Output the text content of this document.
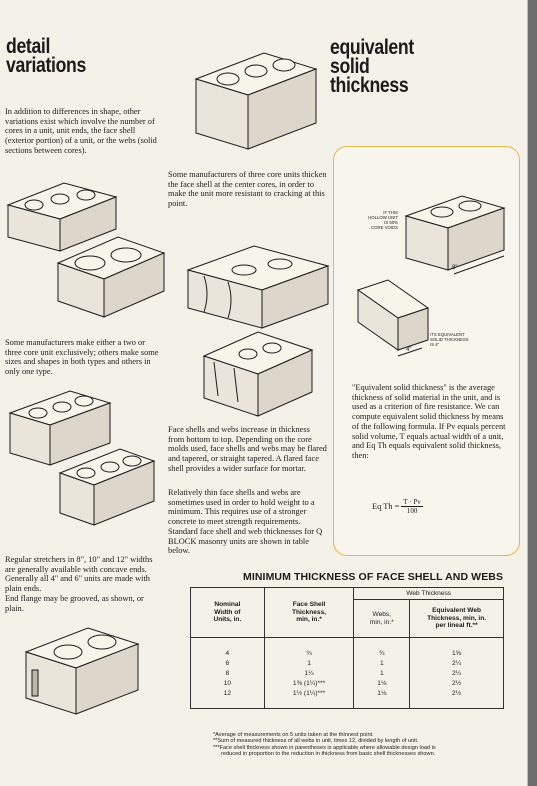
detail
variations
equivalent
solid
thickness
In addition to differences in shape, other variations exist which involve the number of cores in a unit, unit ends, the face shell (exterior portion) of a unit, or the webs (solid sections between cores).
Some manufacturers make either a two or three core unit exclusively; others make some sizes and shapes in both types and others in only one type.
Regular stretchers in 8", 10" and 12" widths are generally available with concave ends. Generally all 4" and 6" units are made with plain ends.
End flange may be grooved, as shown, or plain.
Some manufacturers of three core units thicken the face shell at the center cores, in order to make the unit more resistant to cracking at this point.
Face shells and webs increase in thickness from bottom to top. Depending on the core molds used, face shells and webs may be flared and tapered, or straight tapered. A flared face shell provides a wider surface for mortar.
Relatively thin face shells and webs are sometimes used in order to hold weight to a minimum. This requires use of a stronger concrete to meet strength requirements. Standard face shell and web thicknesses for Q BLOCK masonry units are shown in table below.
IF THIS
HOLLOW UNIT
IS 50%
CORE VOIDS
8"
4"
ITS EQUIVALENT
SOLID THICKNESS
IS 4"
"Equivalent solid thickness" is the average thickness of solid material in the unit, and is used as a criterion of fire resistance. We can compute equivalent solid thickness by means of the following formula. If Pv equals percent solid volume, T equals actual width of a unit, and Eq Th equals equivalent solid thickness, then:
Eq $Th = \frac{T \cdot Pv}{100}$
MINIMUM THICKNESS OF FACE SHELL AND WEBS
Nominal
Width of
Units, in.	Face Shell
Thickness,
min, in.*	Web Thickness	
		Webs,
min, in.*	Equivalent Web
Thickness, min, in.
per lineal ft.**

4	¾	¾	1⅝
6	1	1	2¼
8	1¼	1	2¼
10	1⅜ (1¼)***	1⅛	2½
12	1½ (1¼)***	1⅛	2½

*Average of measurements on 5 units taken at the thinnest point.
**Sum of measured thickness of all webs in unit, times 12, divided by length of unit.
***Face shell thickness shown in parentheses is applicable where allowable design load is
reduced in proportion to the reduction in thickness from basic shell thicknesses shown.
